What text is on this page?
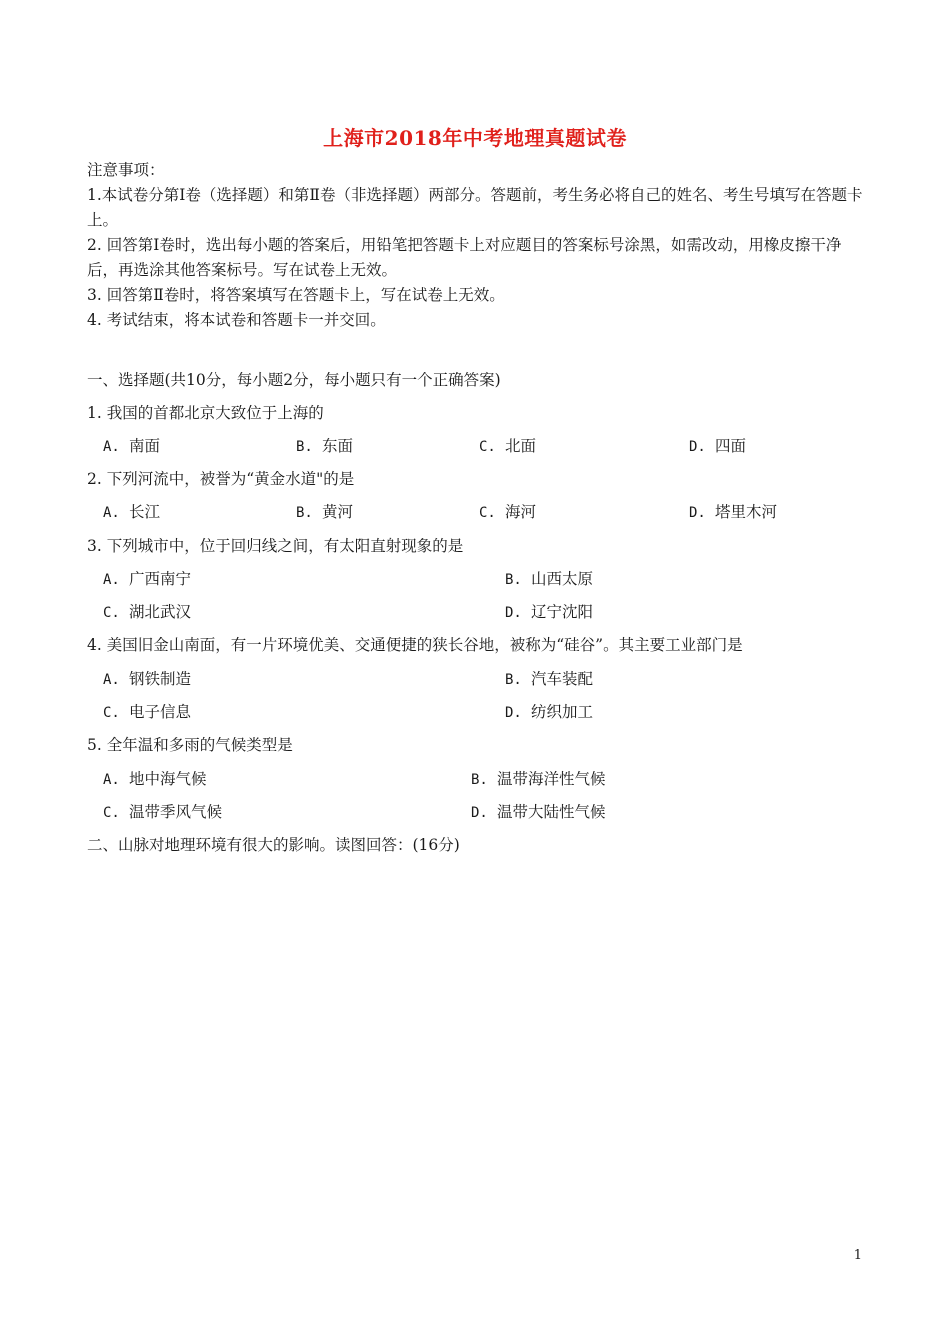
上海市2018年中考地理真题试卷

注意事项：

1.本试卷分第Ⅰ卷（选择题）和第Ⅱ卷（非选择题）两部分。答题前，考生务必将自己的姓名、考生号填写在答题卡上。

2. 回答第Ⅰ卷时，选出每小题的答案后，用铅笔把答题卡上对应题目的答案标号涂黑，如需改动，用橡皮擦干净后，再选涂其他答案标号。写在试卷上无效。

3. 回答第Ⅱ卷时，将答案填写在答题卡上，写在试卷上无效。

4. 考试结束，将本试卷和答题卡一并交回。

一、选择题(共10分，每小题2分，每小题只有一个正确答案)
1. 我国的首都北京大致位于上海的
A. 南面	B. 东面	C. 北面	D. 四面
2. 下列河流中，被誉为“黄金水道"的是
A. 长江	B. 黄河	C. 海河	D. 塔里木河
3. 下列城市中，位于回归线之间，有太阳直射现象的是
A. 广西南宁	B. 山西太原
C. 湖北武汉	D. 辽宁沈阳
4. 美国旧金山南面，有一片环境优美、交通便捷的狭长谷地，被称为“硅谷”。其主要工业部门是
A. 钢铁制造	B. 汽车装配
C. 电子信息	D. 纺织加工
5. 全年温和多雨的气候类型是
A. 地中海气候	B. 温带海洋性气候
C. 温带季风气候	D. 温带大陆性气候
二、山脉对地理环境有很大的影响。读图回答：(16分)
1
